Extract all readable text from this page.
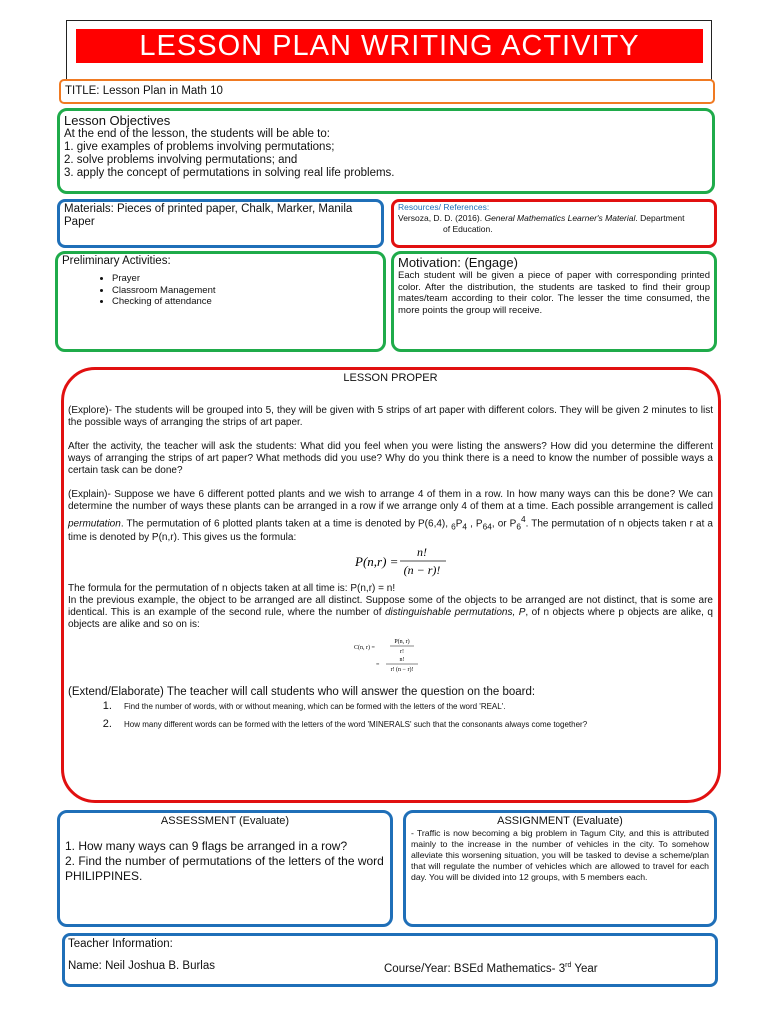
LESSON PLAN WRITING ACTIVITY
TITLE: Lesson Plan in Math 10
Lesson Objectives
At the end of the lesson, the students will be able to:
1. give examples of problems involving permutations;
2. solve problems involving permutations; and
3. apply the concept of permutations in solving real life problems.
Materials: Pieces of printed paper, Chalk, Marker, Manila Paper
Resources/ References:
Versoza, D. D. (2016). General Mathematics Learner's Material. Department
of Education.
Preliminary Activities:
• Prayer
• Classroom Management
• Checking of attendance
Motivation: (Engage)
Each student will be given a piece of paper with corresponding printed color. After the distribution, the students are tasked to find their group mates/team according to their color. The lesser the time consumed, the more points the group will receive.

LESSON PROPER

(Explore)- The students will be grouped into 5, they will be given with 5 strips of art paper with different colors. They will be given 2 minutes to list the possible ways of arranging the strips of art paper.

After the activity, the teacher will ask the students: What did you feel when you were listing the answers? How did you determine the different ways of arranging the strips of art paper? What methods did you use? Why do you think there is a need to know the number of possible ways a certain task can be done?

(Explain)- Suppose we have 6 different potted plants and we wish to arrange 4 of them in a row. In how many ways can this be done? We can determine the number of ways these plants can be arranged in a row if we arrange only 4 of them at a time. Each possible arrangement is called permutation. The permutation of 6 plotted plants taken at a time is denoted by P(6,4), $_6P_4$ , $P_{64}$, or $P_6^4$. The permutation of n objects taken r at a time is denoted by P(n,r). This gives us the formula:

P(n,r) =
n!
(n − r)!

The formula for the permutation of n objects taken at all time is: P(n,r) = n!

In the previous example, the object to be arranged are all distinct. Suppose some of the objects to be arranged are not distinct, that is some are identical. This is an example of the second rule, where the number of distinguishable permutations, P, of n objects where p objects are alike, q objects are alike and so on is:

C(n, r) =
P(n, r)
r!
=
n!
r! (n − r)!

(Extend/Elaborate) The teacher will call students who will answer the question on the board:

1. Find the number of words, with or without meaning, which can be formed with the letters of the word 'REAL'.
2. How many different words can be formed with the letters of the word 'MINERALS' such that the consonants always come together?
ASSESSMENT (Evaluate)
1. How many ways can 9 flags be arranged in a row?
2. Find the number of permutations of the letters of the word PHILIPPINES.
ASSIGNMENT (Evaluate)
- Traffic is now becoming a big problem in Tagum City, and this is attributed mainly to the increase in the number of vehicles in the city. To somehow alleviate this worsening situation, you will be tasked to devise a scheme/plan that will regulate the number of vehicles which are allowed to travel for each day. You will be divided into 12 groups, with 5 members each.
Teacher Information:
Name: Neil Joshua B. Burlas	Course/Year: BSEd Mathematics- 3rd Year
